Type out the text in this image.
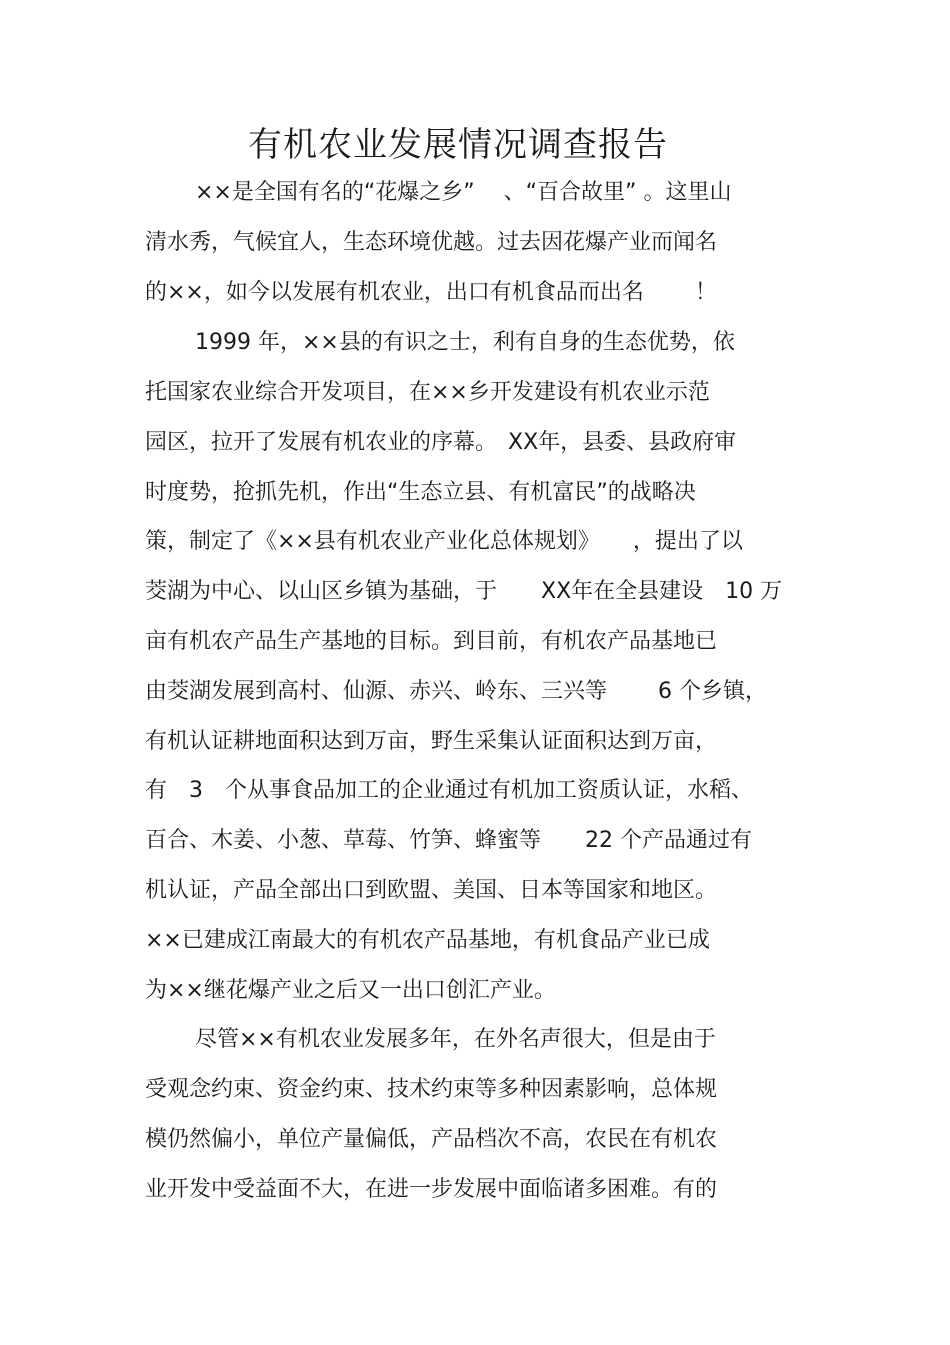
有机农业发展情况调查报告

××是全国有名的“花爆之乡”　 、“百合故里” 。这里山

清水秀，气候宜人，生态环境优越。过去因花爆产业而闻名

的××，如今以发展有机农业，出口有机食品而出名　　 ！

1999 年，××县的有识之士，利有自身的生态优势，依

托国家农业综合开发项目，在××乡开发建设有机农业示范

园区，拉开了发展有机农业的序幕。　XX年，县委、县政府审

时度势，抢抓先机，作出“生态立县、有机富民”的战略决

策，制定了《××县有机农业产业化总体规划》　　，提出了以

茭湖为中心、以山区乡镇为基础，于　　XX年在全县建设　10 万

亩有机农产品生产基地的目标。到目前，有机农产品基地已

由茭湖发展到高村、仙源、赤兴、岭东、三兴等　　 6 个乡镇，

有机认证耕地面积达到万亩，野生采集认证面积达到万亩，

有　3　个从事食品加工的企业通过有机加工资质认证，水稻、

百合、木姜、小葱、草莓、竹笋、蜂蜜等　　22 个产品通过有

机认证，产品全部出口到欧盟、美国、日本等国家和地区。

××已建成江南最大的有机农产品基地，有机食品产业已成

为××继花爆产业之后又一出口创汇产业。

尽管××有机农业发展多年，在外名声很大，但是由于

受观念约束、资金约束、技术约束等多种因素影响，总体规

模仍然偏小，单位产量偏低，产品档次不高，农民在有机农

业开发中受益面不大，在进一步发展中面临诸多困难。有的
